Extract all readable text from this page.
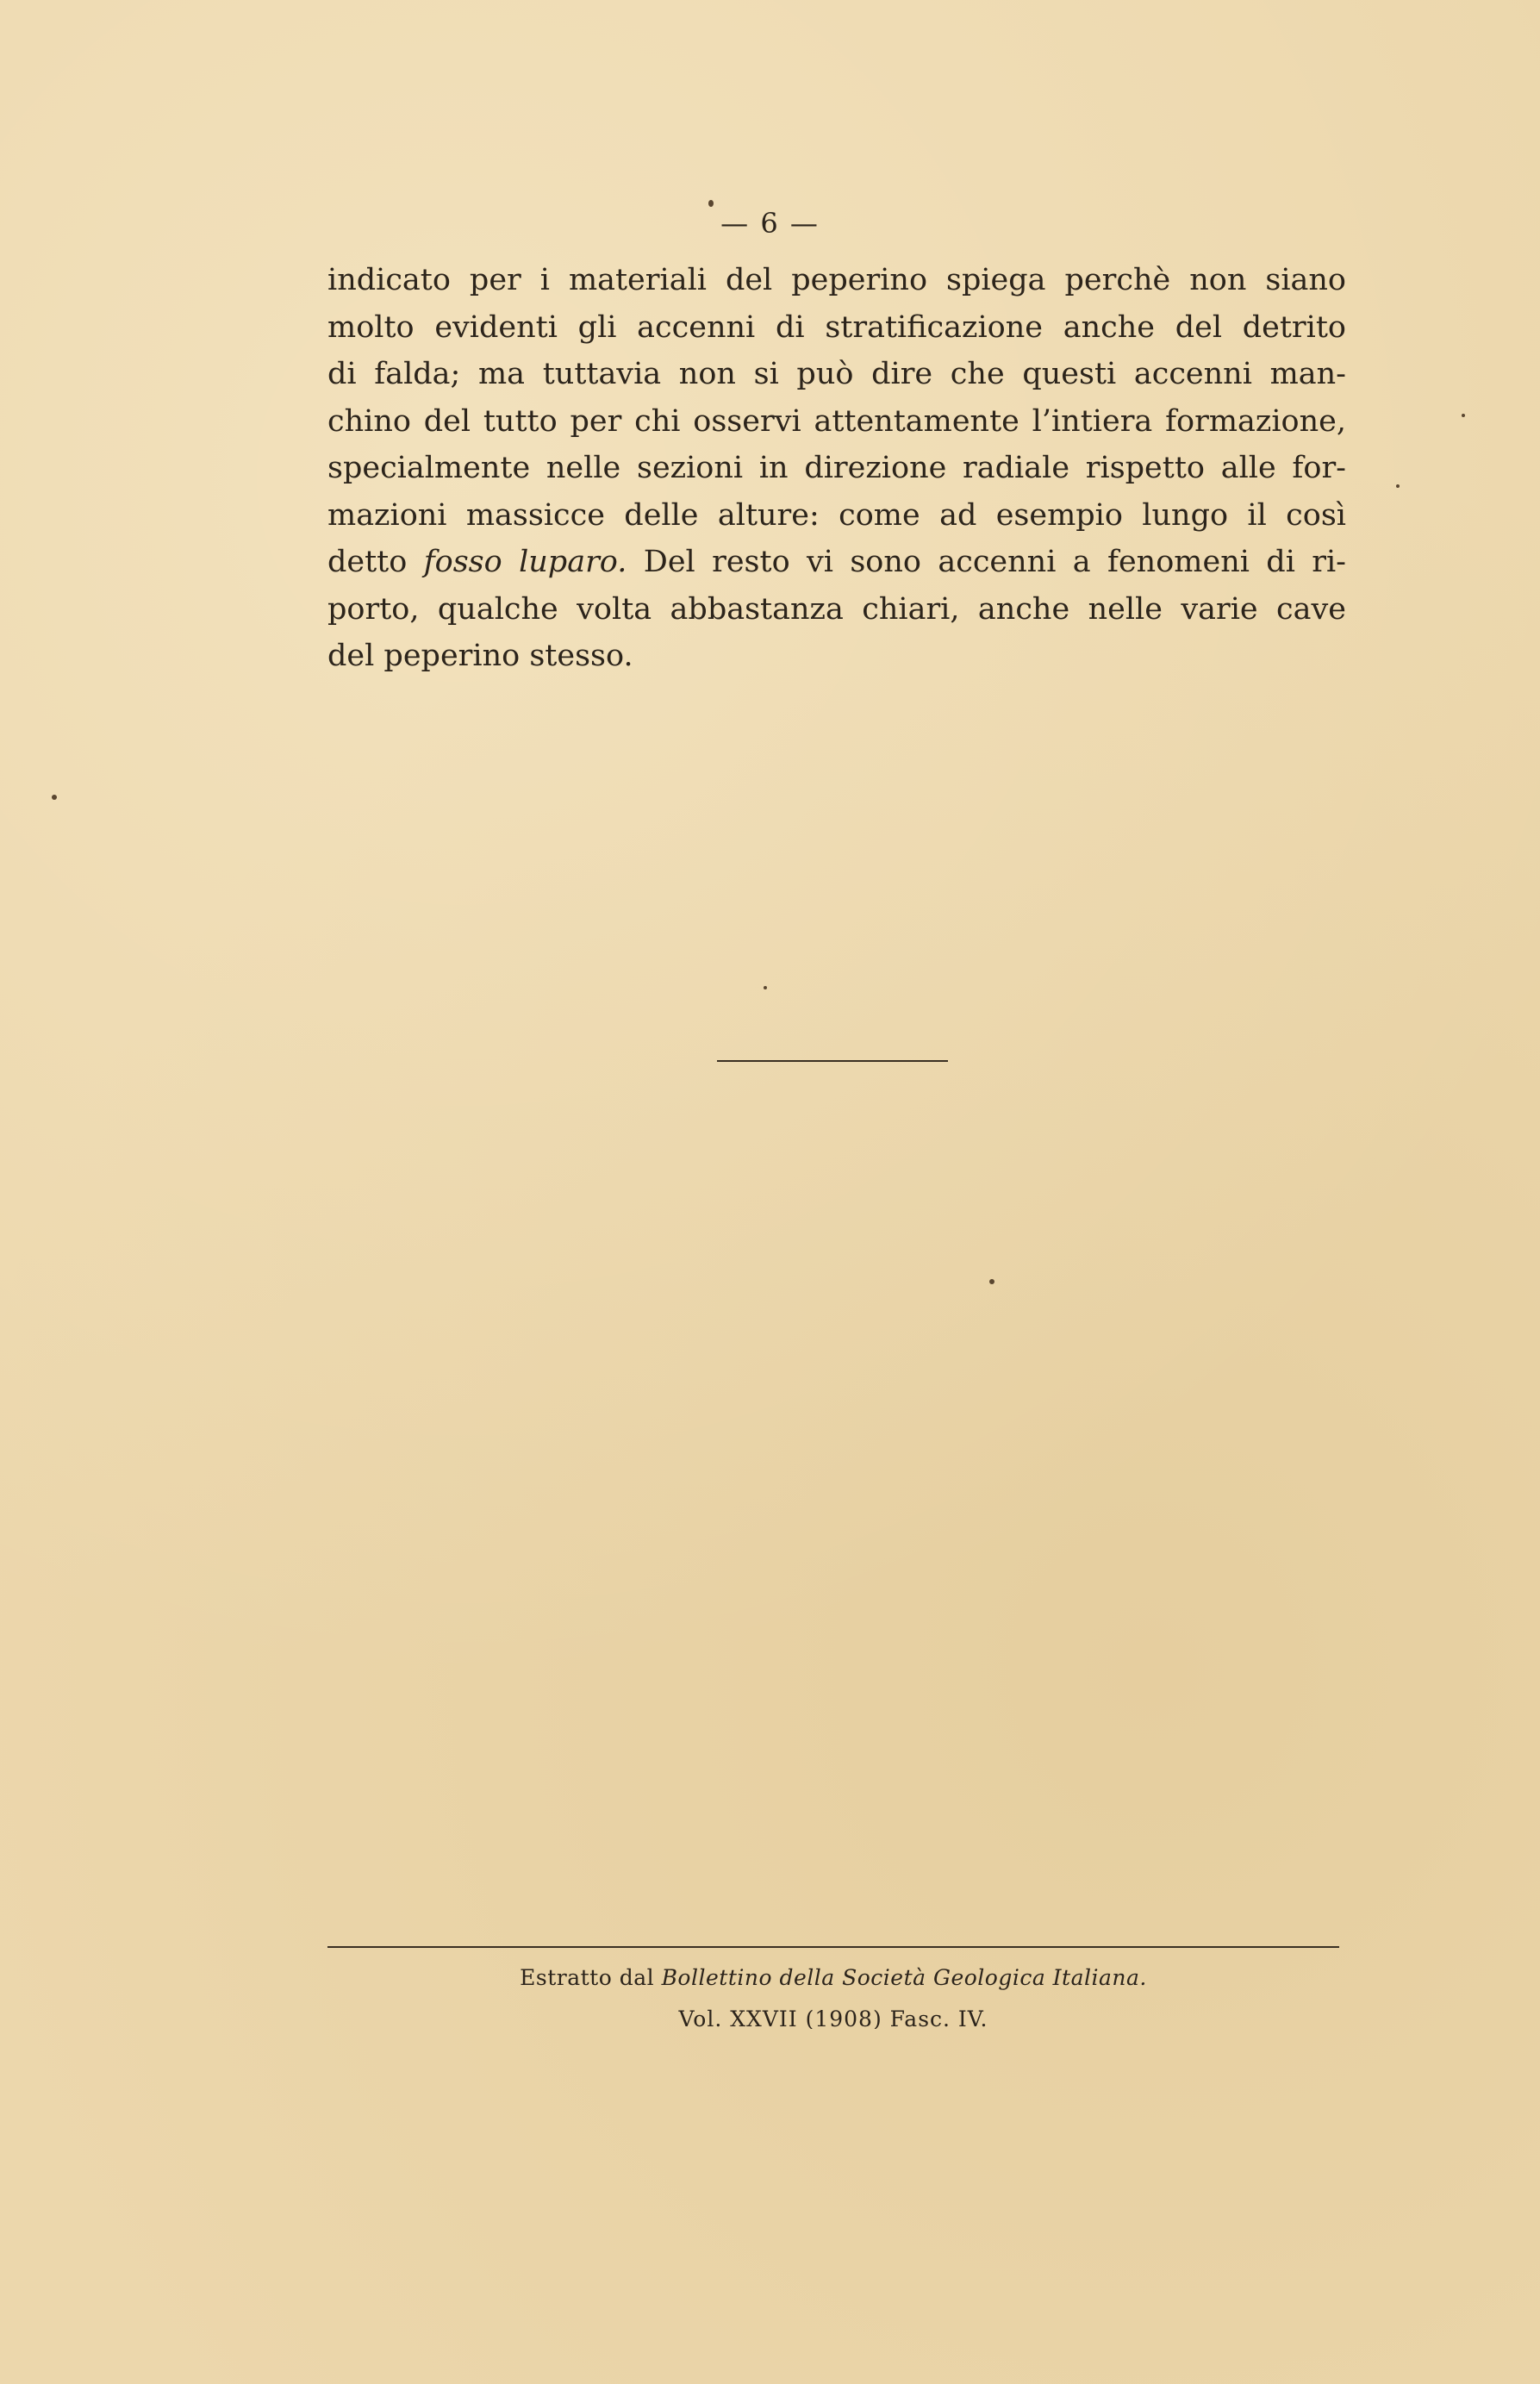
— 6 —
indicato per i materiali del peperino spiega perchè non siano
molto evidenti gli accenni di stratificazione anche del detrito
di falda; ma tuttavia non si può dire che questi accenni man-
chino del tutto per chi osservi attentamente l’intiera formazione,
specialmente nelle sezioni in direzione radiale rispetto alle for-
mazioni massicce delle alture: come ad esempio lungo il così
detto fosso luparo. Del resto vi sono accenni a fenomeni di ri-
porto, qualche volta abbastanza chiari, anche nelle varie cave
del peperino stesso.
Estratto dal Bollettino della Società Geologica Italiana.
Vol. XXVII (1908) Fasc. IV.
